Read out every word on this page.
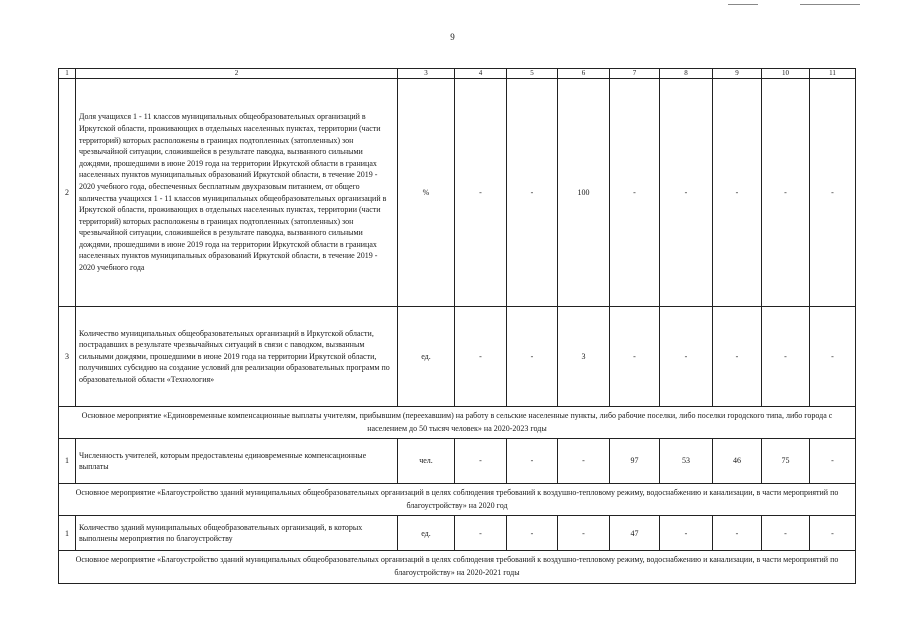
9
1	2	3	4	5	6	7	8	9	10	11
2	Доля учащихся 1 - 11 классов муниципальных общеобразовательных организаций в Иркутской области, проживающих в отдельных населенных пунктах, территории (части территорий) которых расположены в границах подтопленных (затопленных) зон чрезвычайной ситуации, сложившейся в результате паводка, вызванного сильными дождями, прошедшими в июне 2019 года на территории Иркутской области в границах населенных пунктов муниципальных образований Иркутской области, в течение 2019 - 2020 учебного года, обеспеченных бесплатным двухразовым питанием, от общего количества учащихся 1 - 11 классов муниципальных общеобразовательных организаций в Иркутской области, проживающих в отдельных населенных пунктах, территории (части территорий) которых расположены в границах подтопленных (затопленных) зон чрезвычайной ситуации, сложившейся в результате паводка, вызванного сильными дождями, прошедшими в июне 2019 года на территории Иркутской области в границах населенных пунктов муниципальных образований Иркутской области, в течение 2019 - 2020 учебного года	%	-	-	100	-	-	-	-	-
3	Количество муниципальных общеобразовательных организаций в Иркутской области, пострадавших в результате чрезвычайных ситуаций в связи с паводком, вызванным сильными дождями, прошедшими в июне 2019 года на территории Иркутской области, получивших субсидию на создание условий для реализации образовательных программ по образовательной области «Технология»	ед.	-	-	3	-	-	-	-	-
Основное мероприятие «Единовременные компенсационные выплаты учителям, прибывшим (переехавшим) на работу в сельские населенные пункты, либо рабочие поселки, либо поселки городского типа, либо города с населением до 50 тысяч человек» на 2020-2023 годы										
1	Численность учителей, которым предоставлены единовременные компенсационные выплаты	чел.	-	-	-	97	53	46	75	-
Основное мероприятие «Благоустройство зданий муниципальных общеобразовательных организаций в целях соблюдения требований к воздушно-тепловому режиму, водоснабжению и канализации, в части мероприятий по благоустройству» на 2020 год										
1	Количество зданий муниципальных общеобразовательных организаций, в которых выполнены мероприятия по благоустройству	ед.	-	-	-	47	-	-	-	-
Основное мероприятие «Благоустройство зданий муниципальных общеобразовательных организаций в целях соблюдения требований к воздушно-тепловому режиму, водоснабжению и канализации, в части мероприятий по благоустройству» на 2020-2021 годы										
